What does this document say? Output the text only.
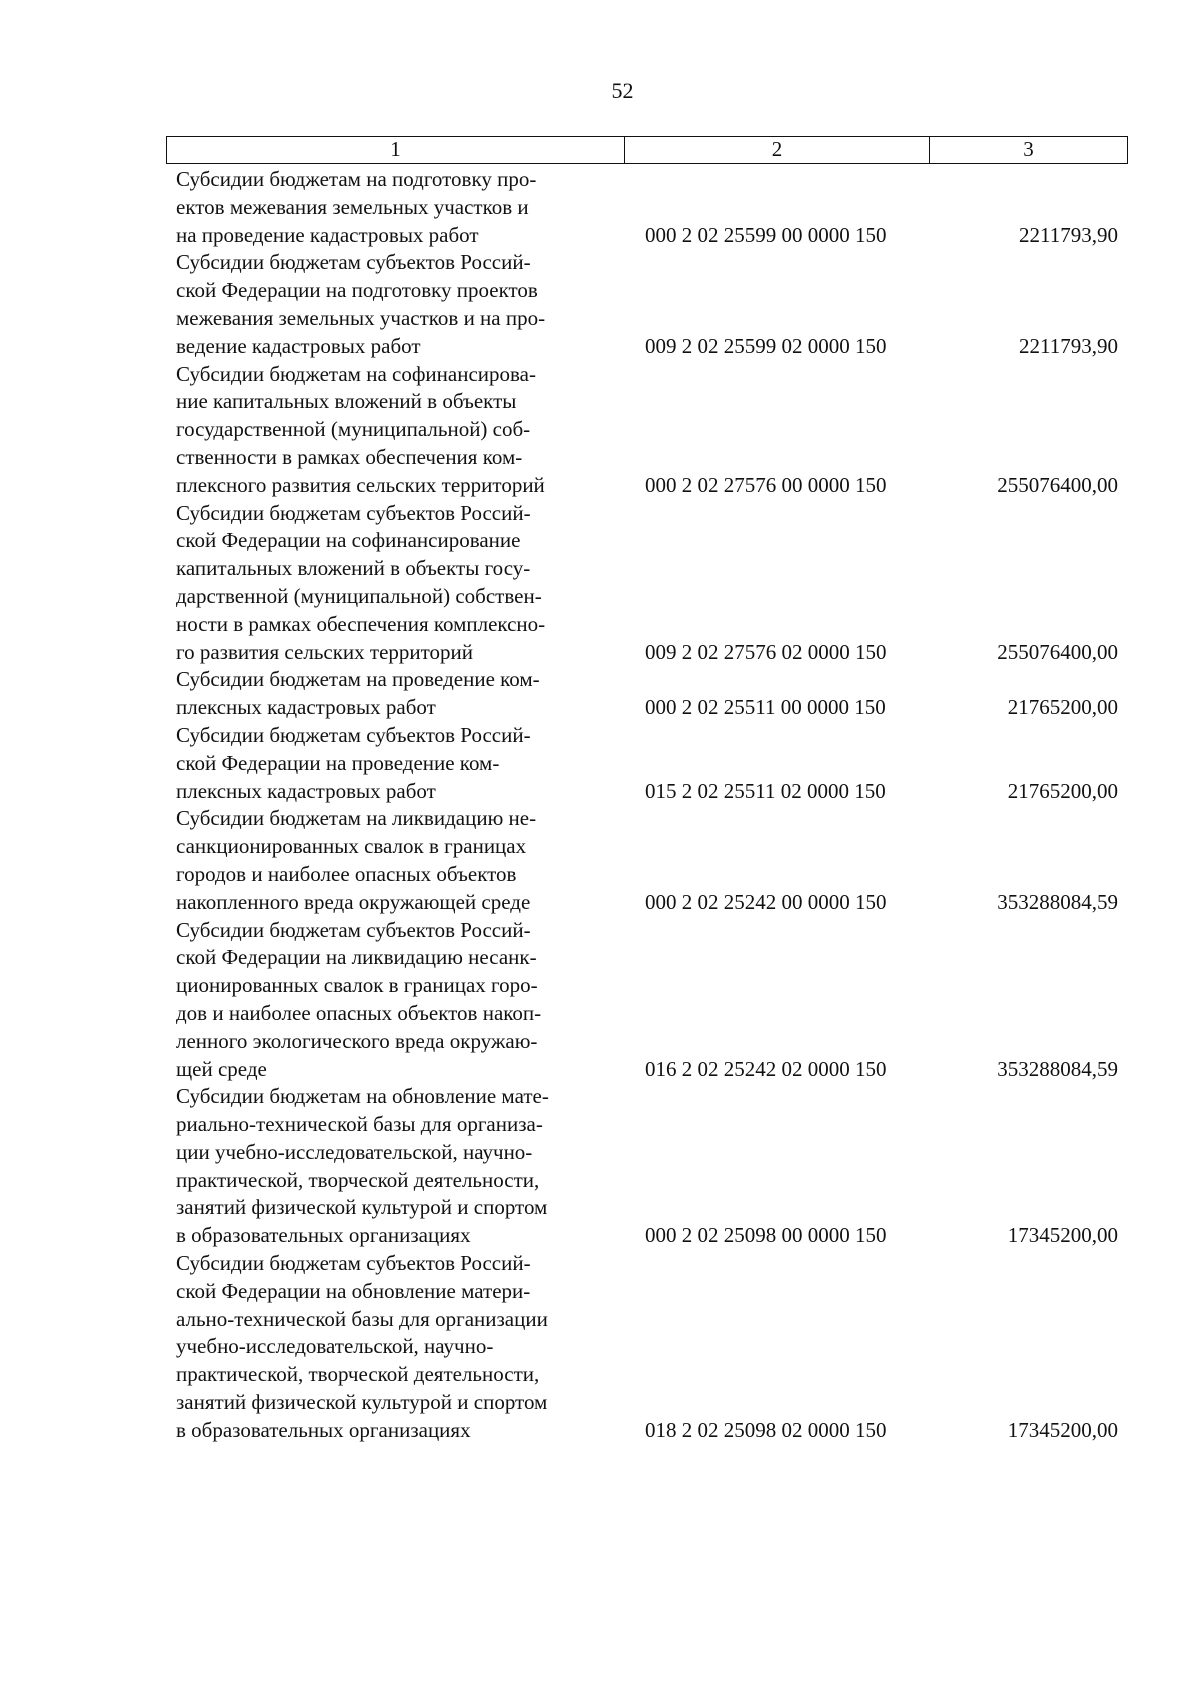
52
1	2	3
Субсидии бюджетам на подготовку про-
ектов межевания земельных участков и
на проведение кадастровых работ	000 2 02 25599 00 0000 150	2211793,90
Субсидии бюджетам субъектов Россий-
ской Федерации на подготовку проектов
межевания земельных участков и на про-
ведение кадастровых работ	009 2 02 25599 02 0000 150	2211793,90
Субсидии бюджетам на софинансирова-
ние капитальных вложений в объекты
государственной (муниципальной) соб-
ственности в рамках обеспечения ком-
плексного развития сельских территорий	000 2 02 27576 00 0000 150	255076400,00
Субсидии бюджетам субъектов Россий-
ской Федерации на софинансирование
капитальных вложений в объекты госу-
дарственной (муниципальной) собствен-
ности в рамках обеспечения комплексно-
го развития сельских территорий	009 2 02 27576 02 0000 150	255076400,00
Субсидии бюджетам на проведение ком-
плексных кадастровых работ	000 2 02 25511 00 0000 150	21765200,00
Субсидии бюджетам субъектов Россий-
ской Федерации на проведение ком-
плексных кадастровых работ	015 2 02 25511 02 0000 150	21765200,00
Субсидии бюджетам на ликвидацию не-
санкционированных свалок в границах
городов и наиболее опасных объектов
накопленного вреда окружающей среде	000 2 02 25242 00 0000 150	353288084,59
Субсидии бюджетам субъектов Россий-
ской Федерации на ликвидацию несанк-
ционированных свалок в границах горо-
дов и наиболее опасных объектов накоп-
ленного экологического вреда окружаю-
щей среде	016 2 02 25242 02 0000 150	353288084,59
Субсидии бюджетам на обновление мате-
риально-технической базы для организа-
ции учебно-исследовательской, научно-
практической, творческой деятельности,
занятий физической культурой и спортом
в образовательных организациях	000 2 02 25098 00 0000 150	17345200,00
Субсидии бюджетам субъектов Россий-
ской Федерации на обновление матери-
ально-технической базы для организации
учебно-исследовательской, научно-
практической, творческой деятельности,
занятий физической культурой и спортом
в образовательных организациях	018 2 02 25098 02 0000 150	17345200,00
